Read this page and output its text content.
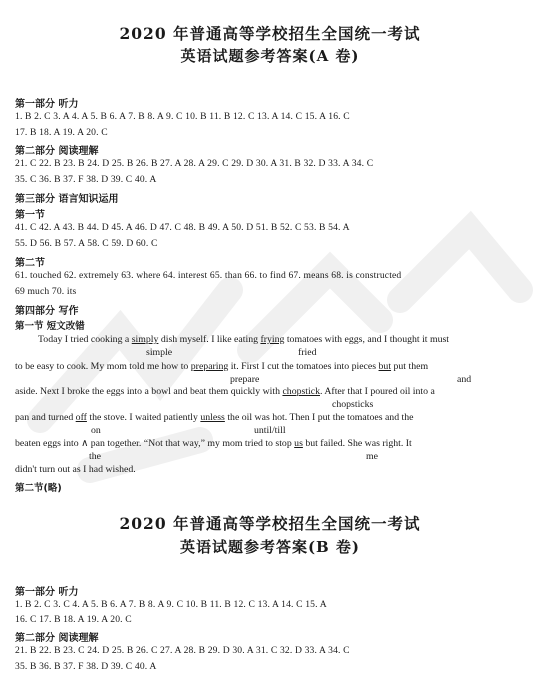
2020 年普通高等学校招生全国统一考试
英语试题参考答案(A 卷)
第一部分 听力
1. B 2. C 3. A 4. A 5. B 6. A 7. B 8. A 9. C 10. B 11. B 12. C 13. A 14. C 15. A 16. C
17. B 18. A 19. A 20. C
第二部分 阅读理解
21. C 22. B 23. B 24. D 25. B 26. B 27. A 28. A 29. C 29. D 30. A 31. B 32. D 33. A 34. C
35. C 36. B 37. F 38. D 39. C 40. A
第三部分 语言知识运用
第一节
41. C 42. A 43. B 44. D 45. A 46. D 47. C 48. B 49. A 50. D 51. B 52. C 53. B 54. A
55. D 56. B 57. A 58. C 59. D 60. C
第二节
61. touched 62. extremely 63. where 64. interest 65. than 66. to find 67. means 68. is constructed
69 much 70. its
第四部分 写作
第一节 短文改错
Today I tried cooking a simply dish myself. I like eating frying tomatoes with eggs, and I thought it must
simple	fried
to be easy to cook. My mom told me how to preparing it. First I cut the tomatoes into pieces but put them
prepare	and
aside. Next I broke the eggs into a bowl and beat them quickly with chopstick. After that I poured oil into a
chopsticks
pan and turned off the stove. I waited patiently unless the oil was hot. Then I put the tomatoes and the
on	until/till
beaten eggs into ∧ pan together. “Not that way,” my mom tried to stop us but failed. She was right. It
the	me
didn't turn out as I had wished.
第二节(略)
2020 年普通高等学校招生全国统一考试
英语试题参考答案(B 卷)
第一部分 听力
1. B 2. C 3. C 4. A 5. B 6. A 7. B 8. A 9. C 10. B 11. B 12. C 13. A 14. C 15. A
16. C 17. B 18. A 19. A 20. C
第二部分 阅读理解
21. B 22. B 23. C 24. D 25. B 26. C 27. A 28. B 29. D 30. A 31. C 32. D 33. A 34. C
35. B 36. B 37. F 38. D 39. C 40. A
